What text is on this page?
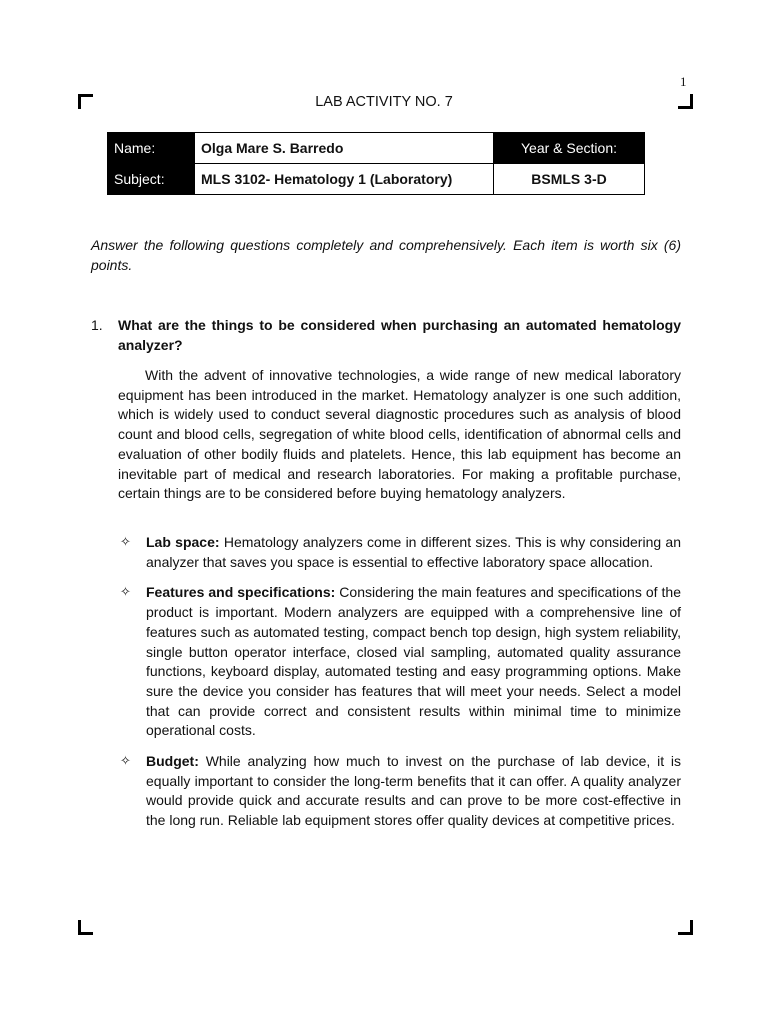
1
LAB ACTIVITY NO. 7
Name:	Olga Mare S. Barredo	Year & Section:
Subject:	MLS 3102- Hematology 1 (Laboratory)	BSMLS 3-D
Answer the following questions completely and comprehensively. Each item is worth six (6) points.
1. What are the things to be considered when purchasing an automated hematology analyzer?
With the advent of innovative technologies, a wide range of new medical laboratory equipment has been introduced in the market. Hematology analyzer is one such addition, which is widely used to conduct several diagnostic procedures such as analysis of blood count and blood cells, segregation of white blood cells, identification of abnormal cells and evaluation of other bodily fluids and platelets. Hence, this lab equipment has become an inevitable part of medical and research laboratories. For making a profitable purchase, certain things are to be considered before buying hematology analyzers.
✧ Lab space: Hematology analyzers come in different sizes. This is why considering an analyzer that saves you space is essential to effective laboratory space allocation.
✧ Features and specifications: Considering the main features and specifications of the product is important. Modern analyzers are equipped with a comprehensive line of features such as automated testing, compact bench top design, high system reliability, single button operator interface, closed vial sampling, automated quality assurance functions, keyboard display, automated testing and easy programming options. Make sure the device you consider has features that will meet your needs. Select a model that can provide correct and consistent results within minimal time to minimize operational costs.
✧ Budget: While analyzing how much to invest on the purchase of lab device, it is equally important to consider the long-term benefits that it can offer. A quality analyzer would provide quick and accurate results and can prove to be more cost-effective in the long run. Reliable lab equipment stores offer quality devices at competitive prices.
